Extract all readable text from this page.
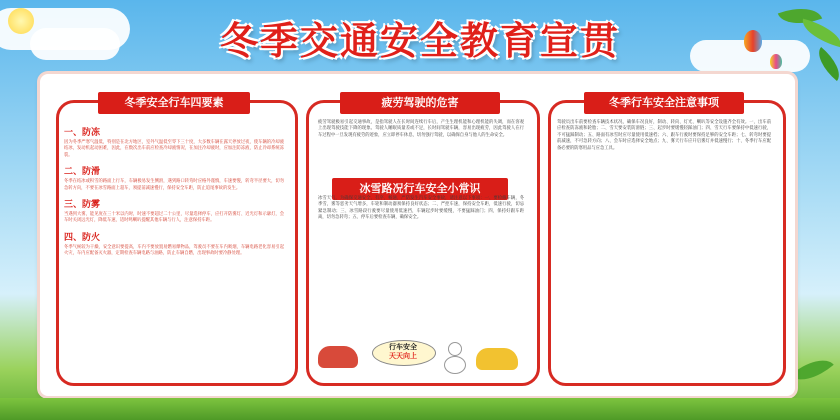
冬季交通安全教育宣贯
冬季安全行车四要素
一、防冻

因为冬季严寒气温低，特别是在北方地区，室外气温低至零下三十度，大多数车辆在露天停放过夜，使车辆的冷却液结冰，发动机起动困难，因此，在数次出车前应检查冷却液情况，在加注冷却液时，应加注防冻液，防止冷却系统冻裂。

二、防滑

冬季在结冰或积雪的路面上行车，车辆极易发生侧滑，遇到路口转弯时应格外谨慎，车速要慢，转弯半径要大，切勿急转方向，不要在冰雪路面上超车，须提前减速慢行，保持安全车距，防止追尾事故的发生。

三、防雾

当遇到大雾，能见度在三十米以内时，时速不要超过二十公里，尽量选择停车，应打开防雾灯、近光灯和示廓灯，会车时关闭远光灯，降低车速，适时鸣喇叭提醒其他车辆与行人，注意保持车距。

四、防火

冬季气候较为干燥，安全意识要提高，车内不要放置易燃易爆物品，驾驶员不要在车内吸烟，车辆电路老化容易引起火灾，车内应配备灭火器，定期检查车辆电路与油路，防止车辆自燃，出现事故时要冷静处理。

疲劳驾驶的危害

疲劳驾驶极易引起交通事故，是指驾驶人在长时间连续行车后，产生生理机能和心理机能的失调，而在客观上出现驾驶技能下降的现象。驾驶人睡眠质量差或不足，长时间驾驶车辆，容易出现疲劳，因此驾驶人在行车过程中一旦发现有疲劳的迹象，应立即停车休息，切勿强行驾驶，以确保自身与他人的生命安全。

冰雪路况行车安全小常识

冰雪天气，为确保交通安全，有序，畅通，严防发生汽车安全事故，请注意以下事项：一、要检修车辆，冬季雪，雾等恶劣天气增多，车轮和制动器须保持良好状态；二、严控车速，保持安全车距，低速行驶，切忌紧急制动；三、冰雪路段行驶要尽量使用低速挡，车辆起步时要缓慢，不要猛踩油门；四、保持好跟车距离，切勿急转弯；五、停车后要检查车辆，确保安全。

行车安全
天天向上
冬季行车安全注意事项

驾驶员出车前要检查车辆技术状况，确保车况良好，制动、转向、灯光、喇叭等安全设施齐全有效。一、出车前应检查防冻液和轮胎；二、雪天要安装防滑链；三、起步时要缓慢轻踩油门；四、雪天行车要保持中低速行驶，不可猛踩制动；五、路面有冰雪时应尽量使用低速档；六、跟车行驶时要保持足够的安全车距；七、转弯时要提前减速，不可急转方向；八、会车时应选择安全地点；九、雾天行车应开启雾灯并低速慢行；十、冬季行车应配备必要的防寒用品与应急工具。
